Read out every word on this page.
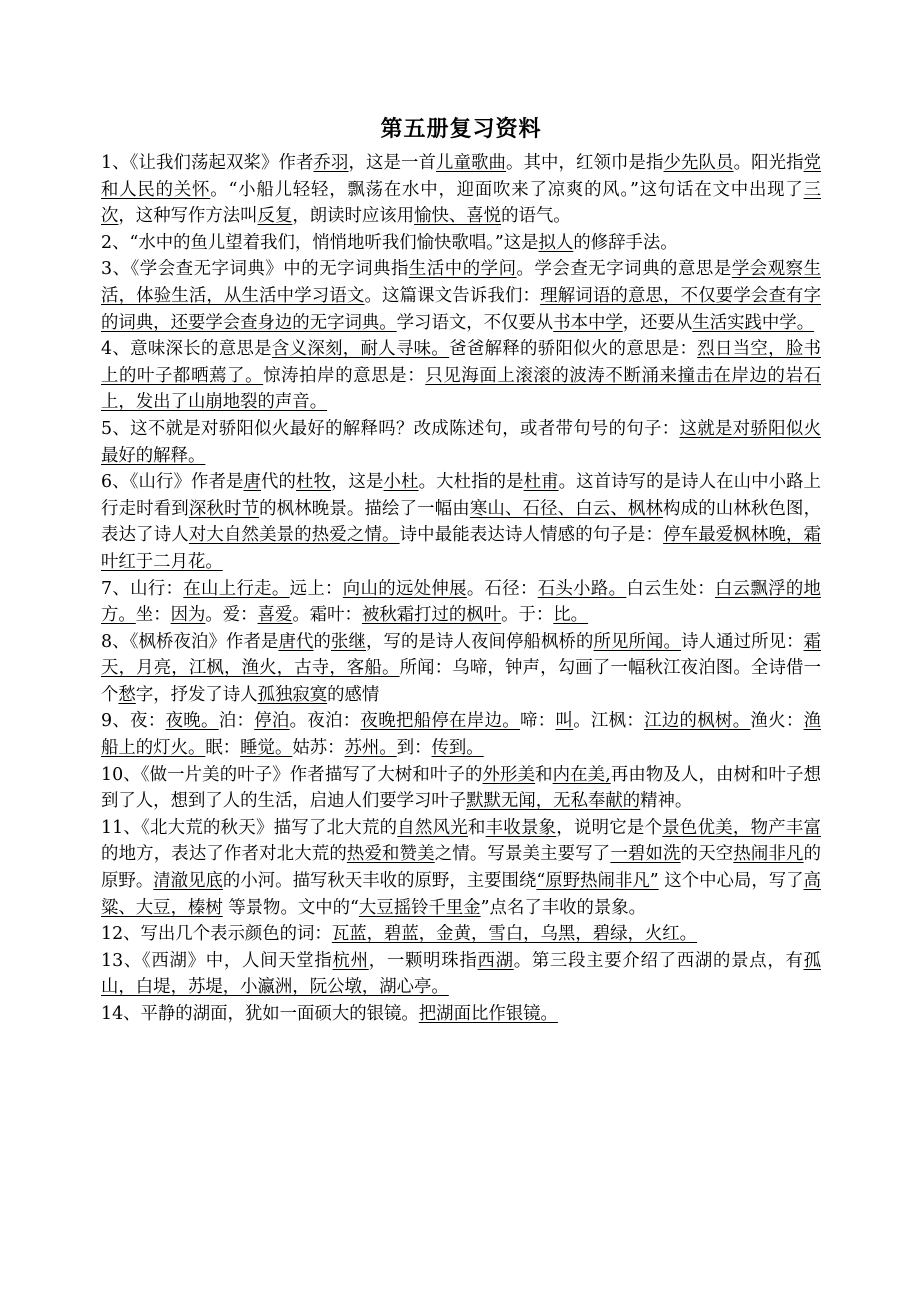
第五册复习资料

1、《让我们荡起双桨》作者乔羽，这是一首儿童歌曲。其中，红领巾是指少先队员。阳光指党和人民的关怀。“小船儿轻轻，飘荡在水中，迎面吹来了凉爽的风。”这句话在文中出现了三次，这种写作方法叫反复，朗读时应该用愉快、喜悦的语气。

2、“水中的鱼儿望着我们，悄悄地听我们愉快歌唱。”这是拟人的修辞手法。

3、《学会查无字词典》中的无字词典指生活中的学问。学会查无字词典的意思是学会观察生活，体验生活，从生活中学习语文。这篇课文告诉我们：理解词语的意思，不仅要学会查有字的词典，还要学会查身边的无字词典。学习语文，不仅要从书本中学，还要从生活实践中学。

4、意味深长的意思是含义深刻，耐人寻味。爸爸解释的骄阳似火的意思是：烈日当空，脸书上的叶子都晒蔫了。惊涛拍岸的意思是：只见海面上滚滚的波涛不断涌来撞击在岸边的岩石上，发出了山崩地裂的声音。

5、这不就是对骄阳似火最好的解释吗？改成陈述句，或者带句号的句子：这就是对骄阳似火最好的解释。

6、《山行》作者是唐代的杜牧，这是小杜。大杜指的是杜甫。这首诗写的是诗人在山中小路上行走时看到深秋时节的枫林晚景。描绘了一幅由寒山、石径、白云、枫林构成的山林秋色图，表达了诗人对大自然美景的热爱之情。诗中最能表达诗人情感的句子是：停车最爱枫林晚，霜叶红于二月花。

7、山行：在山上行走。远上：向山的远处伸展。石径：石头小路。白云生处：白云飘浮的地方。坐：因为。爱：喜爱。霜叶：被秋霜打过的枫叶。于：比。

8、《枫桥夜泊》作者是唐代的张继，写的是诗人夜间停船枫桥的所见所闻。诗人通过所见：霜天，月亮，江枫，渔火，古寺，客船。所闻：乌啼，钟声，勾画了一幅秋江夜泊图。全诗借一个愁字，抒发了诗人孤独寂寞的感情

9、夜：夜晚。泊：停泊。夜泊：夜晚把船停在岸边。啼：叫。江枫：江边的枫树。渔火：渔船上的灯火。眠：睡觉。姑苏：苏州。到：传到。

10、《做一片美的叶子》作者描写了大树和叶子的外形美和内在美,再由物及人，由树和叶子想到了人，想到了人的生活，启迪人们要学习叶子默默无闻，无私奉献的精神。

11、《北大荒的秋天》描写了北大荒的自然风光和丰收景象，说明它是个景色优美，物产丰富的地方，表达了作者对北大荒的热爱和赞美之情。写景美主要写了一碧如洗的天空热闹非凡的原野。清澈见底的小河。描写秋天丰收的原野，主要围绕“原野热闹非凡” 这个中心局，写了高粱、大豆，榛树 等景物。文中的“大豆摇铃千里金”点名了丰收的景象。

12、写出几个表示颜色的词：瓦蓝，碧蓝，金黄，雪白，乌黑，碧绿，火红。

13、《西湖》中，人间天堂指杭州，一颗明珠指西湖。第三段主要介绍了西湖的景点，有孤山，白堤，苏堤，小瀛洲，阮公墩，湖心亭。

14、平静的湖面，犹如一面硕大的银镜。把湖面比作银镜。
